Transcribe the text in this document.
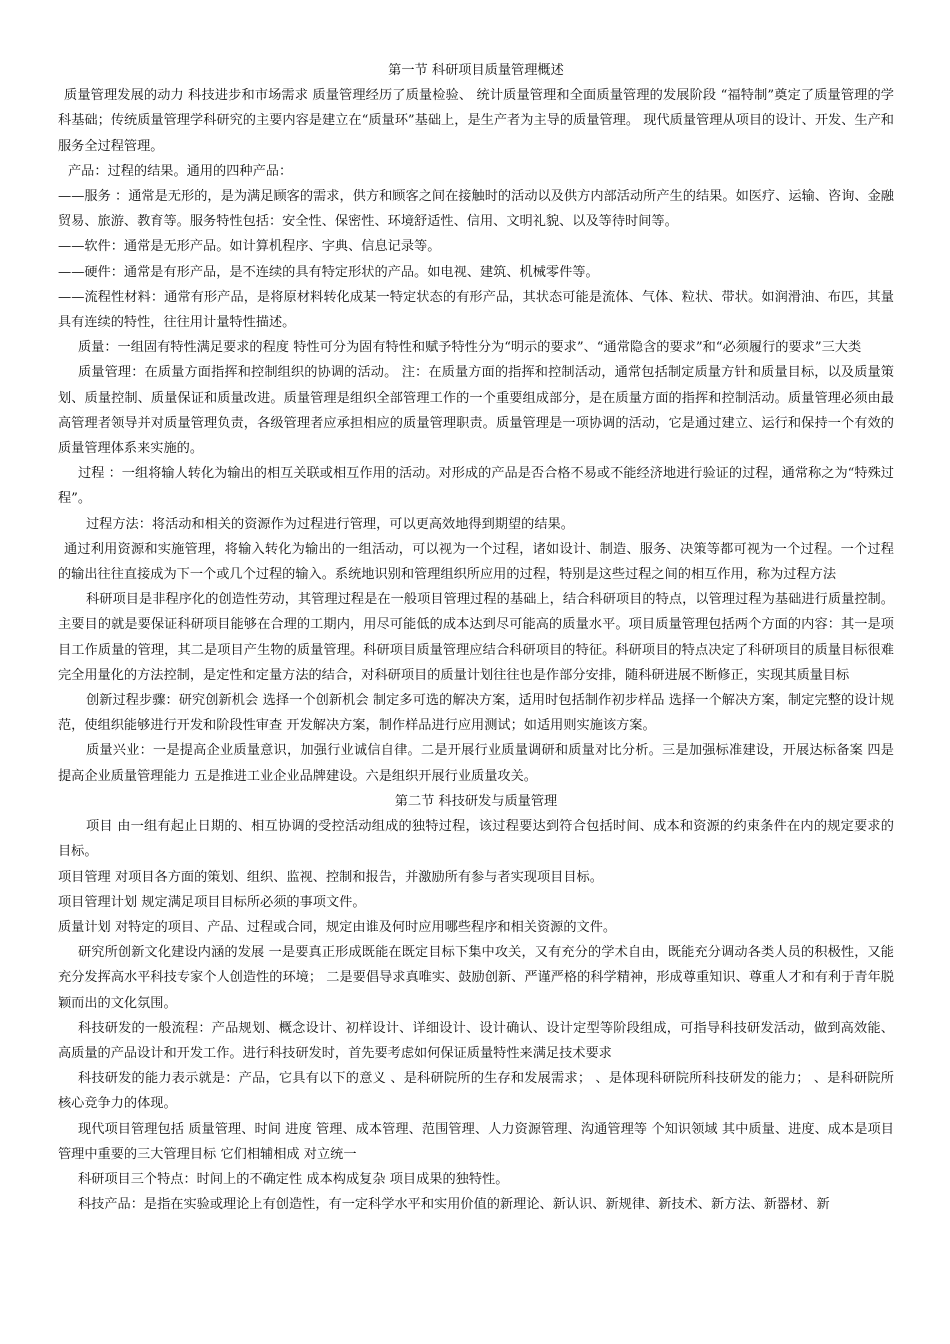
第一节 科研项目质量管理概述

质量管理发展的动力 科技进步和市场需求 质量管理经历了质量检验、 统计质量管理和全面质量管理的发展阶段 “福特制”奠定了质量管理的学科基础；传统质量管理学科研究的主要内容是建立在“质量环”基础上，是生产者为主导的质量管理。 现代质量管理从项目的设计、开发、生产和服务全过程管理。

产品：过程的结果。通用的四种产品：

——服务 ：通常是无形的，是为满足顾客的需求，供方和顾客之间在接触时的活动以及供方内部活动所产生的结果。如医疗、运输、咨询、金融贸易、旅游、教育等。服务特性包括：安全性、保密性、环境舒适性、信用、文明礼貌、以及等待时间等。

——软件：通常是无形产品。如计算机程序、字典、信息记录等。

——硬件：通常是有形产品，是不连续的具有特定形状的产品。如电视、建筑、机械零件等。

——流程性材料：通常有形产品，是将原材料转化成某一特定状态的有形产品，其状态可能是流体、气体、粒状、带状。如润滑油、布匹，其量具有连续的特性，往往用计量特性描述。

质量：一组固有特性满足要求的程度 特性可分为固有特性和赋予特性分为“明示的要求”、“通常隐含的要求”和“必须履行的要求”三大类

质量管理：在质量方面指挥和控制组织的协调的活动。 注：在质量方面的指挥和控制活动，通常包括制定质量方针和质量目标，以及质量策划、质量控制、质量保证和质量改进。质量管理是组织全部管理工作的一个重要组成部分，是在质量方面的指挥和控制活动。质量管理必须由最高管理者领导并对质量管理负责，各级管理者应承担相应的质量管理职责。质量管理是一项协调的活动，它是通过建立、运行和保持一个有效的质量管理体系来实施的。

过程 ：一组将输人转化为输出的相互关联或相互作用的活动。对形成的产品是否合格不易或不能经济地进行验证的过程，通常称之为“特殊过程”。

过程方法：将活动和相关的资源作为过程进行管理，可以更高效地得到期望的结果。

通过利用资源和实施管理，将输入转化为输出的一组活动，可以视为一个过程，诸如设计、制造、服务、决策等都可视为一个过程。一个过程的输出往往直接成为下一个或几个过程的输入。系统地识别和管理组织所应用的过程，特别是这些过程之间的相互作用，称为过程方法

科研项目是非程序化的创造性劳动，其管理过程是在一般项目管理过程的基础上，结合科研项目的特点，以管理过程为基础进行质量控制。主要目的就是要保证科研项目能够在合理的工期内，用尽可能低的成本达到尽可能高的质量水平。项目质量管理包括两个方面的内容：其一是项目工作质量的管理，其二是项目产生物的质量管理。科研项目质量管理应结合科研项目的特征。科研项目的特点决定了科研项目的质量目标很难完全用量化的方法控制，是定性和定量方法的结合，对科研项目的质量计划往往也是作部分安排，随科研进展不断修正，实现其质量目标

创新过程步骤：研究创新机会 选择一个创新机会 制定多可选的解决方案，适用时包括制作初步样品 选择一个解决方案，制定完整的设计规范，使组织能够进行开发和阶段性审查 开发解决方案，制作样品进行应用测试；如适用则实施该方案。

质量兴业：一是提高企业质量意识，加强行业诚信自律。二是开展行业质量调研和质量对比分析。三是加强标准建设，开展达标备案 四是提高企业质量管理能力 五是推进工业企业品牌建设。六是组织开展行业质量攻关。

第二节 科技研发与质量管理

项目 由一组有起止日期的、相互协调的受控活动组成的独特过程，该过程要达到符合包括时间、成本和资源的约束条件在内的规定要求的目标。

项目管理 对项目各方面的策划、组织、监视、控制和报告，并激励所有参与者实现项目目标。

项目管理计划 规定满足项目目标所必须的事项文件。

质量计划 对特定的项目、产品、过程或合同，规定由谁及何时应用哪些程序和相关资源的文件。

研究所创新文化建设内涵的发展 一是要真正形成既能在既定目标下集中攻关，又有充分的学术自由，既能充分调动各类人员的积极性，又能充分发挥高水平科技专家个人创造性的环境； 二是要倡导求真唯实、鼓励创新、严谨严格的科学精神，形成尊重知识、尊重人才和有利于青年脱颖而出的文化氛围。

科技研发的一般流程：产品规划、概念设计、初样设计、详细设计、设计确认、设计定型等阶段组成，可指导科技研发活动，做到高效能、高质量的产品设计和开发工作。进行科技研发时，首先要考虑如何保证质量特性来满足技术要求

科技研发的能力表示就是：产品，它具有以下的意义 、是科研院所的生存和发展需求； 、是体现科研院所科技研发的能力； 、是科研院所核心竞争力的体现。

现代项目管理包括 质量管理、时间 进度 管理、成本管理、范围管理、人力资源管理、沟通管理等 个知识领域 其中质量、进度、成本是项目管理中重要的三大管理目标 它们相辅相成 对立统一

科研项目三个特点：时间上的不确定性 成本构成复杂 项目成果的独特性。

科技产品：是指在实验或理论上有创造性，有一定科学水平和实用价值的新理论、新认识、新规律、新技术、新方法、新器材、新
